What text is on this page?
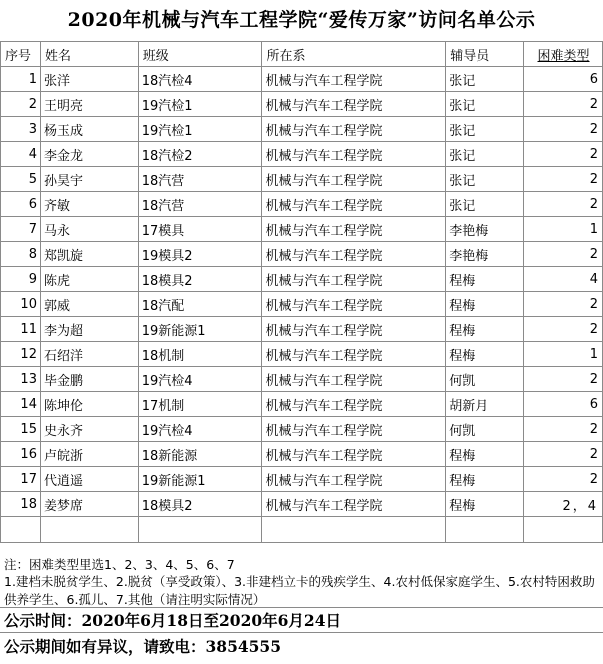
2020年机械与汽车工程学院“爱传万家”访问名单公示
序号	姓名	班级	所在系	辅导员	困难类型
1	张洋	18汽检4	机械与汽车工程学院	张记	6
2	王明亮	19汽检1	机械与汽车工程学院	张记	2
3	杨玉成	19汽检1	机械与汽车工程学院	张记	2
4	李金龙	18汽检2	机械与汽车工程学院	张记	2
5	孙昊宇	18汽营	机械与汽车工程学院	张记	2
6	齐敏	18汽营	机械与汽车工程学院	张记	2
7	马永	17模具	机械与汽车工程学院	李艳梅	1
8	郑凯旋	19模具2	机械与汽车工程学院	李艳梅	2
9	陈虎	18模具2	机械与汽车工程学院	程梅	4
10	郭威	18汽配	机械与汽车工程学院	程梅	2
11	李为超	19新能源1	机械与汽车工程学院	程梅	2
12	石绍洋	18机制	机械与汽车工程学院	程梅	1
13	毕金鹏	19汽检4	机械与汽车工程学院	何凯	2
14	陈坤伦	17机制	机械与汽车工程学院	胡新月	6
15	史永齐	19汽检4	机械与汽车工程学院	何凯	2
16	卢皖浙	18新能源	机械与汽车工程学院	程梅	2
17	代逍遥	19新能源1	机械与汽车工程学院	程梅	2
18	姜梦席	18模具2	机械与汽车工程学院	程梅	2，4

注：困难类型里选1、2、3、4、5、6、7
1.建档未脱贫学生、2.脱贫（享受政策）、3.非建档立卡的残疾学生、4.农村低保家庭学生、5.农村特困救助供养学生、6.孤儿、7.其他（请注明实际情况）
公示时间：2020年6月18日至2020年6月24日
公示期间如有异议，请致电：3854555
